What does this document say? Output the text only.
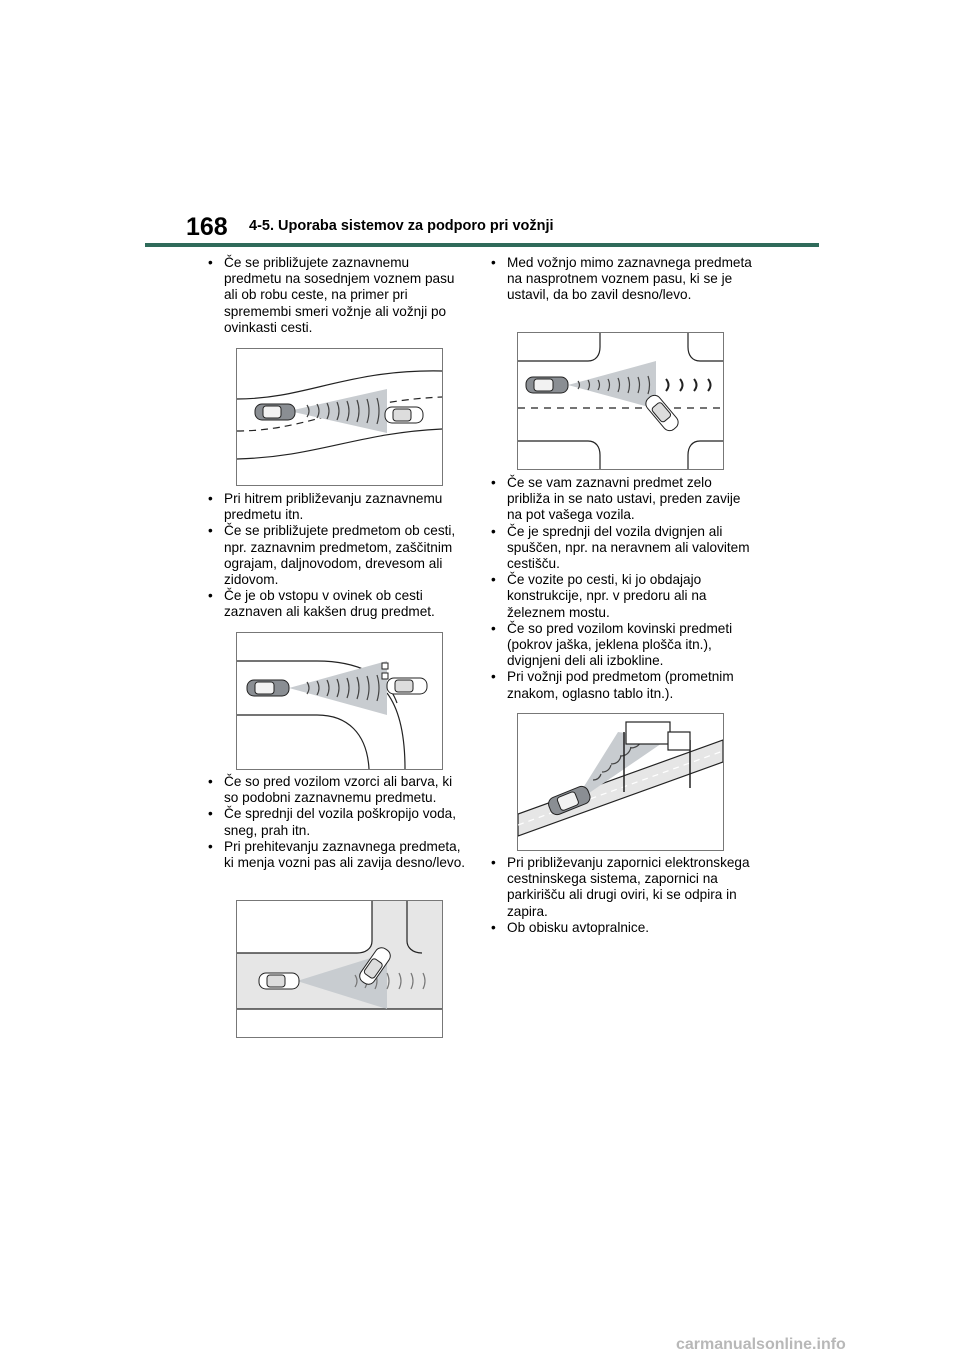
168 4-5. Uporaba sistemov za podporo pri vožnji
• Če se približujete zaznavnemu predmetu na sosednjem voznem pasu ali ob robu ceste, na primer pri spremembi smeri vožnje ali vožnji po ovinkasti cesti.
• Pri hitrem približevanju zaznavnemu predmetu itn.
• Če se približujete predmetom ob cesti, npr. zaznavnim predmetom, zaščitnim ograjam, daljnovodom, drevesom ali zidovom.
• Če je ob vstopu v ovinek ob cesti zaznaven ali kakšen drug predmet.
• Če so pred vozilom vzorci ali barva, ki so podobni zaznavnemu predmetu.
• Če sprednji del vozila poškropijo voda, sneg, prah itn.
• Pri prehitevanju zaznavnega predmeta, ki menja vozni pas ali zavija desno/levo.
• Med vožnjo mimo zaznavnega predmeta na nasprotnem voznem pasu, ki se je ustavil, da bo zavil desno/levo.
• Če se vam zaznavni predmet zelo približa in se nato ustavi, preden zavije na pot vašega vozila.
• Če je sprednji del vozila dvignjen ali spuščen, npr. na neravnem ali valovitem cestišču.
• Če vozite po cesti, ki jo obdajajo konstrukcije, npr. v predoru ali na železnem mostu.
• Če so pred vozilom kovinski predmeti (pokrov jaška, jeklena plošča itn.), dvignjeni deli ali izbokline.
• Pri vožnji pod predmetom (prometnim znakom, oglasno tablo itn.).
• Pri približevanju zapornici elektronskega cestninskega sistema, zapornici na parkirišču ali drugi oviri, ki se odpira in zapira.
• Ob obisku avtopralnice.
carmanualsonline.info
